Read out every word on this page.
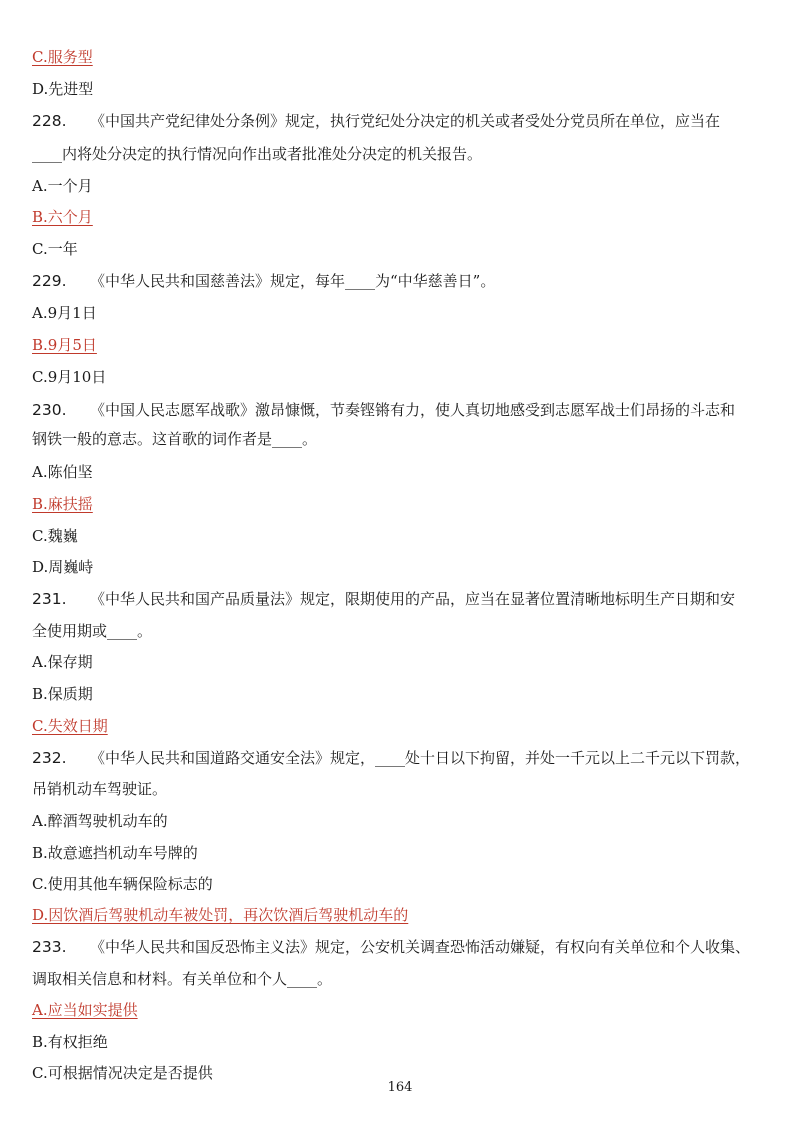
C.服务型
D.先进型
228. 《中国共产党纪律处分条例》规定，执行党纪处分决定的机关或者受处分党员所在单位，应当在
____内将处分决定的执行情况向作出或者批准处分决定的机关报告。
A.一个月
B.六个月
C.一年
229. 《中华人民共和国慈善法》规定，每年____为“中华慈善日”。
A.9月1日
B.9月5日
C.9月10日
230. 《中国人民志愿军战歌》激昂慷慨，节奏铿锵有力，使人真切地感受到志愿军战士们昂扬的斗志和
钢铁一般的意志。这首歌的词作者是____。
A.陈伯坚
B.麻扶摇
C.魏巍
D.周巍峙
231. 《中华人民共和国产品质量法》规定，限期使用的产品，应当在显著位置清晰地标明生产日期和安
全使用期或____。
A.保存期
B.保质期
C.失效日期
232. 《中华人民共和国道路交通安全法》规定，____处十日以下拘留，并处一千元以上二千元以下罚款，
吊销机动车驾驶证。
A.醉酒驾驶机动车的
B.故意遮挡机动车号牌的
C.使用其他车辆保险标志的
D.因饮酒后驾驶机动车被处罚，再次饮酒后驾驶机动车的
233. 《中华人民共和国反恐怖主义法》规定，公安机关调查恐怖活动嫌疑，有权向有关单位和个人收集、
调取相关信息和材料。有关单位和个人____。
A.应当如实提供
B.有权拒绝
C.可根据情况决定是否提供
164
